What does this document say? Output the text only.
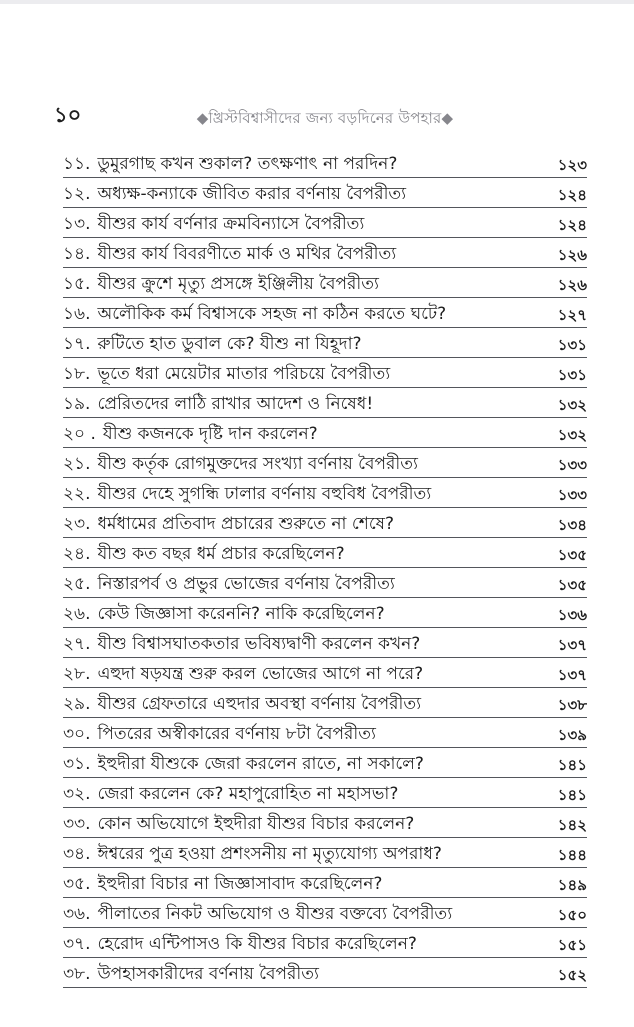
১০	◆খ্রিস্টবিশ্বাসীদের জন্য বড়দিনের উপহার◆
১১. ডুমুরগাছ কখন শুকাল? তৎক্ষণাৎ না পরদিন?	১২৩
১২. অধ্যক্ষ-কন্যাকে জীবিত করার বর্ণনায় বৈপরীত্য	১২৪
১৩. যীশুর কার্য বর্ণনার ক্রমবিন্যাসে বৈপরীত্য	১২৪
১৪. যীশুর কার্য বিবরণীতে মার্ক ও মথির বৈপরীত্য	১২৬
১৫. যীশুর ক্রুশে মৃত্যু প্রসঙ্গে ইঞ্জিলীয় বৈপরীত্য	১২৬
১৬. অলৌকিক কর্ম বিশ্বাসকে সহজ না কঠিন করতে ঘটে?	১২৭
১৭. রুটিতে হাত ডুবাল কে? যীশু না যিহূদা?	১৩১
১৮. ভূতে ধরা মেয়েটার মাতার পরিচয়ে বৈপরীত্য	১৩১
১৯. প্রেরিতদের লাঠি রাখার আদেশ ও নিষেধ!	১৩২
২০ . যীশু কজনকে দৃষ্টি দান করলেন?	১৩২
২১. যীশু কর্তৃক রোগমুক্তদের সংখ্যা বর্ণনায় বৈপরীত্য	১৩৩
২২. যীশুর দেহে সুগন্ধি ঢালার বর্ণনায় বহুবিধ বৈপরীত্য	১৩৩
২৩. ধর্মধামের প্রতিবাদ প্রচারের শুরুতে না শেষে?	১৩৪
২৪. যীশু কত বছর ধর্ম প্রচার করেছিলেন?	১৩৫
২৫. নিস্তারপর্ব ও প্রভুর ভোজের বর্ণনায় বৈপরীত্য	১৩৫
২৬. কেউ জিজ্ঞাসা করেননি? নাকি করেছিলেন?	১৩৬
২৭. যীশু বিশ্বাসঘাতকতার ভবিষ্যদ্বাণী করলেন কখন?	১৩৭
২৮. এহুদা ষড়যন্ত্র শুরু করল ভোজের আগে না পরে?	১৩৭
২৯. যীশুর গ্রেফতারে এহুদার অবস্থা বর্ণনায় বৈপরীত্য	১৩৮
৩০. পিতরের অস্বীকারের বর্ণনায় ৮টা বৈপরীত্য	১৩৯
৩১. ইহুদীরা যীশুকে জেরা করলেন রাতে, না সকালে?	১৪১
৩২. জেরা করলেন কে? মহাপুরোহিত না মহাসভা?	১৪১
৩৩. কোন অভিযোগে ইহুদীরা যীশুর বিচার করলেন?	১৪২
৩৪. ঈশ্বরের পুত্র হওয়া প্রশংসনীয় না মৃত্যুযোগ্য অপরাধ?	১৪৪
৩৫. ইহুদীরা বিচার না জিজ্ঞাসাবাদ করেছিলেন?	১৪৯
৩৬. পীলাতের নিকট অভিযোগ ও যীশুর বক্তব্যে বৈপরীত্য	১৫০
৩৭. হেরোদ এন্টিপাসও কি যীশুর বিচার করেছিলেন?	১৫১
৩৮. উপহাসকারীদের বর্ণনায় বৈপরীত্য	১৫২
